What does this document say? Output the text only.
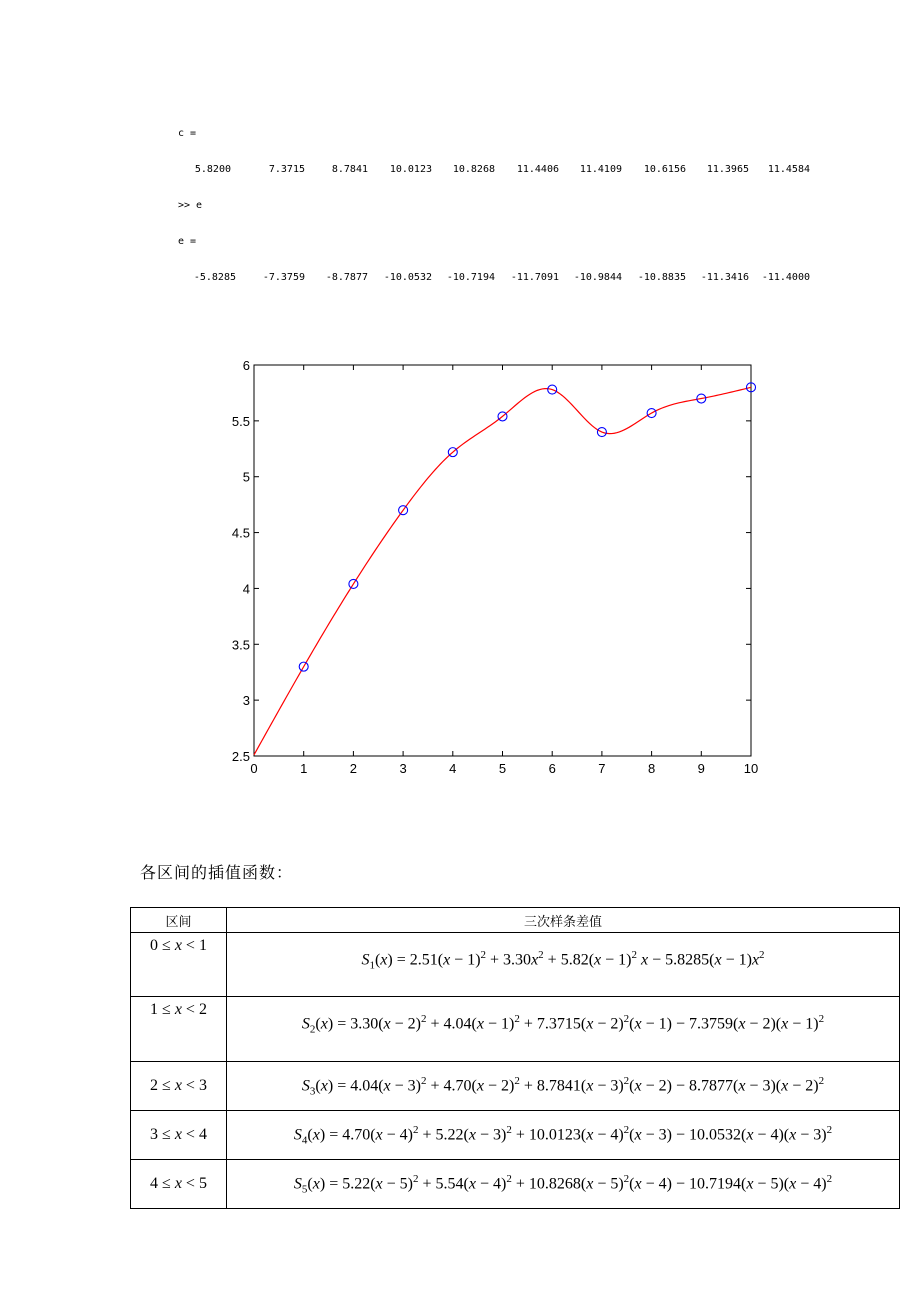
c =
5.8200	7.3715	8.7841	10.0123	10.8268	11.4406	11.4109	10.6156	11.3965	11.4584
>> e
e =
-5.8285	-7.3759	-8.7877	-10.0532	-10.7194	-11.7091	-10.9844	-10.8835	-11.3416	-11.4000
0	1	2	3	4	5	6	7	8	9	10
2.5
3
3.5
4
4.5
5
5.5
6
各区间的插值函数：
区间	三次样条差值
0 ≤ x < 1	$S_1(x) = 2.51(x - 1)^2 + 3.30x^2 + 5.82(x - 1)^2$ $x - 5.8285(x - 1)x^2$
1 ≤ x < 2	$S_2(x) = 3.30(x - 2)^2 + 4.04(x - 1)^2 + 7.3715(x - 2)^2(x - 1) - 7.3759(x - 2)(x - 1)^2$
2 ≤ x < 3	$S_3(x) = 4.04(x - 3)^2 + 4.70(x - 2)^2 + 8.7841(x - 3)^2(x - 2) - 8.7877(x - 3)(x - 2)^2$
3 ≤ x < 4	$S_4(x) = 4.70(x - 4)^2 + 5.22(x - 3)^2 + 10.0123(x - 4)^2(x - 3) - 10.0532(x - 4)(x - 3)^2$
4 ≤ x < 5	$S_5(x) = 5.22(x - 5)^2 + 5.54(x - 4)^2 + 10.8268(x - 5)^2(x - 4) - 10.7194(x - 5)(x - 4)^2$
